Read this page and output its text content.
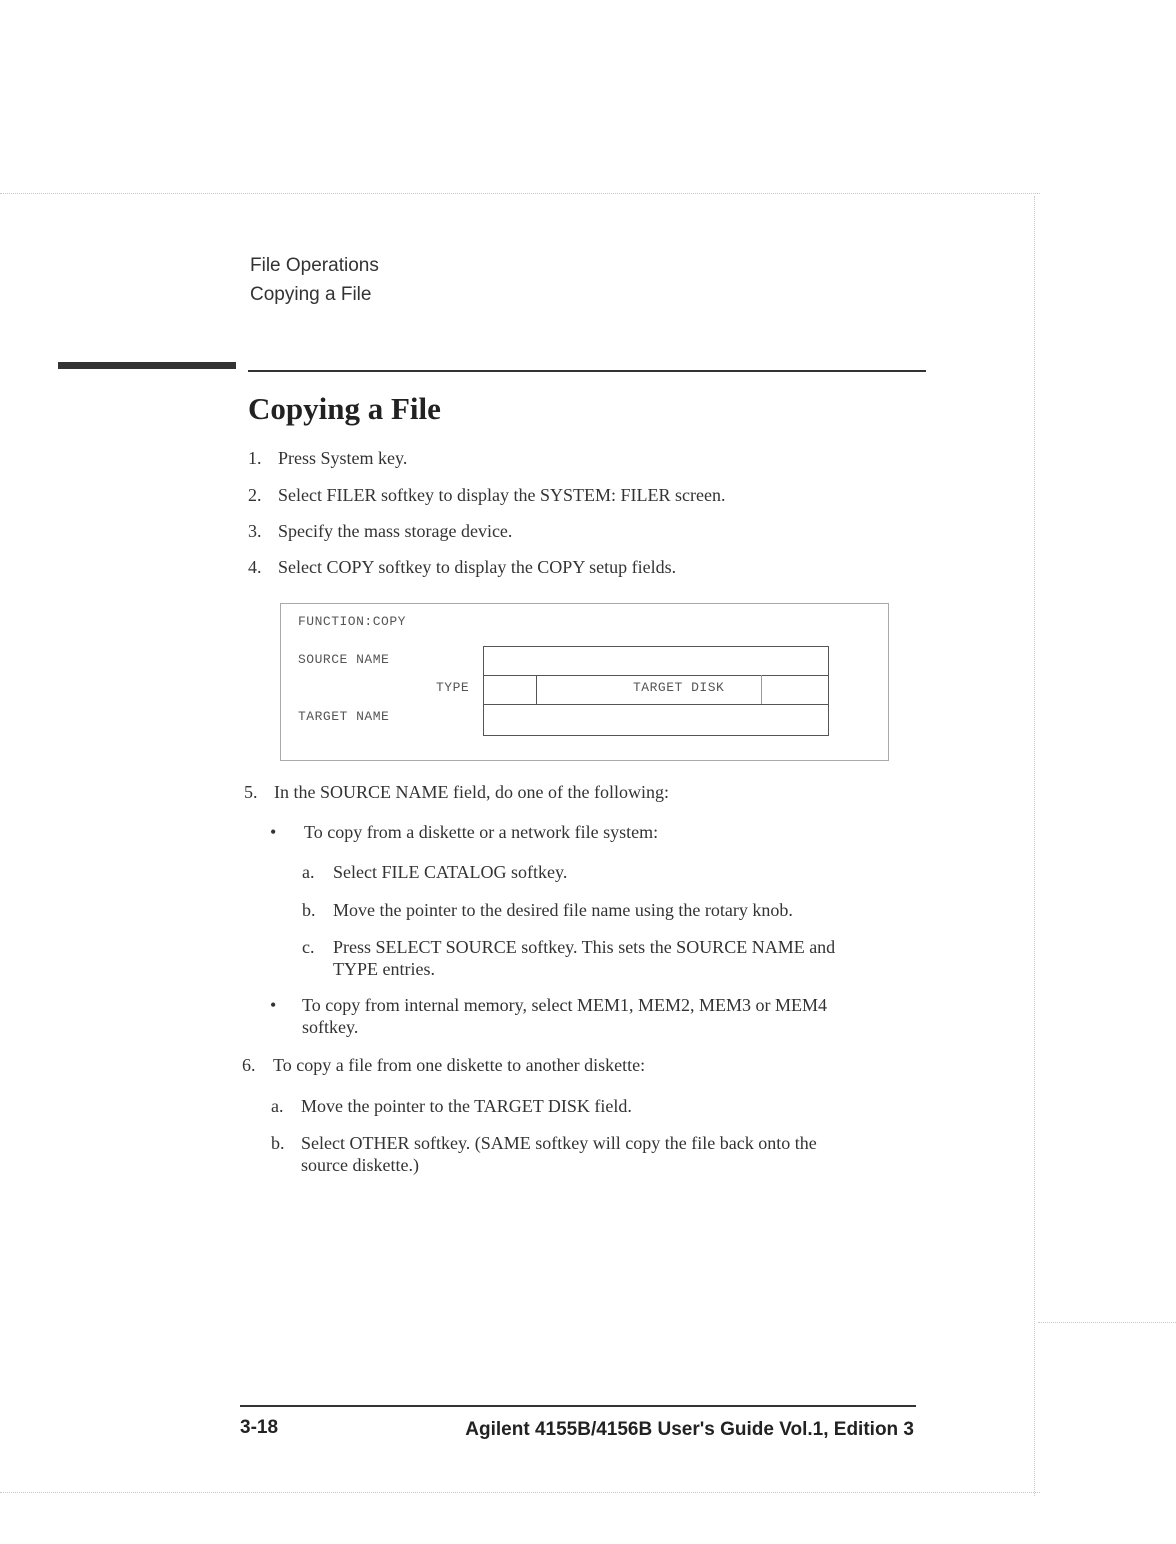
File Operations
Copying a File
Copying a File
1. Press System key.
2. Select FILER softkey to display the SYSTEM: FILER screen.
3. Specify the mass storage device.
4. Select COPY softkey to display the COPY setup fields.
FUNCTION:COPY
SOURCE NAME
TYPE
TARGET NAME
TARGET DISK
5. In the SOURCE NAME field, do one of the following:
• To copy from a diskette or a network file system:
a. Select FILE CATALOG softkey.
b. Move the pointer to the desired file name using the rotary knob.
c. Press SELECT SOURCE softkey. This sets the SOURCE NAME and
TYPE entries.
• To copy from internal memory, select MEM1, MEM2, MEM3 or MEM4
softkey.
6. To copy a file from one diskette to another diskette:
a. Move the pointer to the TARGET DISK field.
b. Select OTHER softkey. (SAME softkey will copy the file back onto the
source diskette.)
3-18	Agilent 4155B/4156B User's Guide Vol.1, Edition 3
